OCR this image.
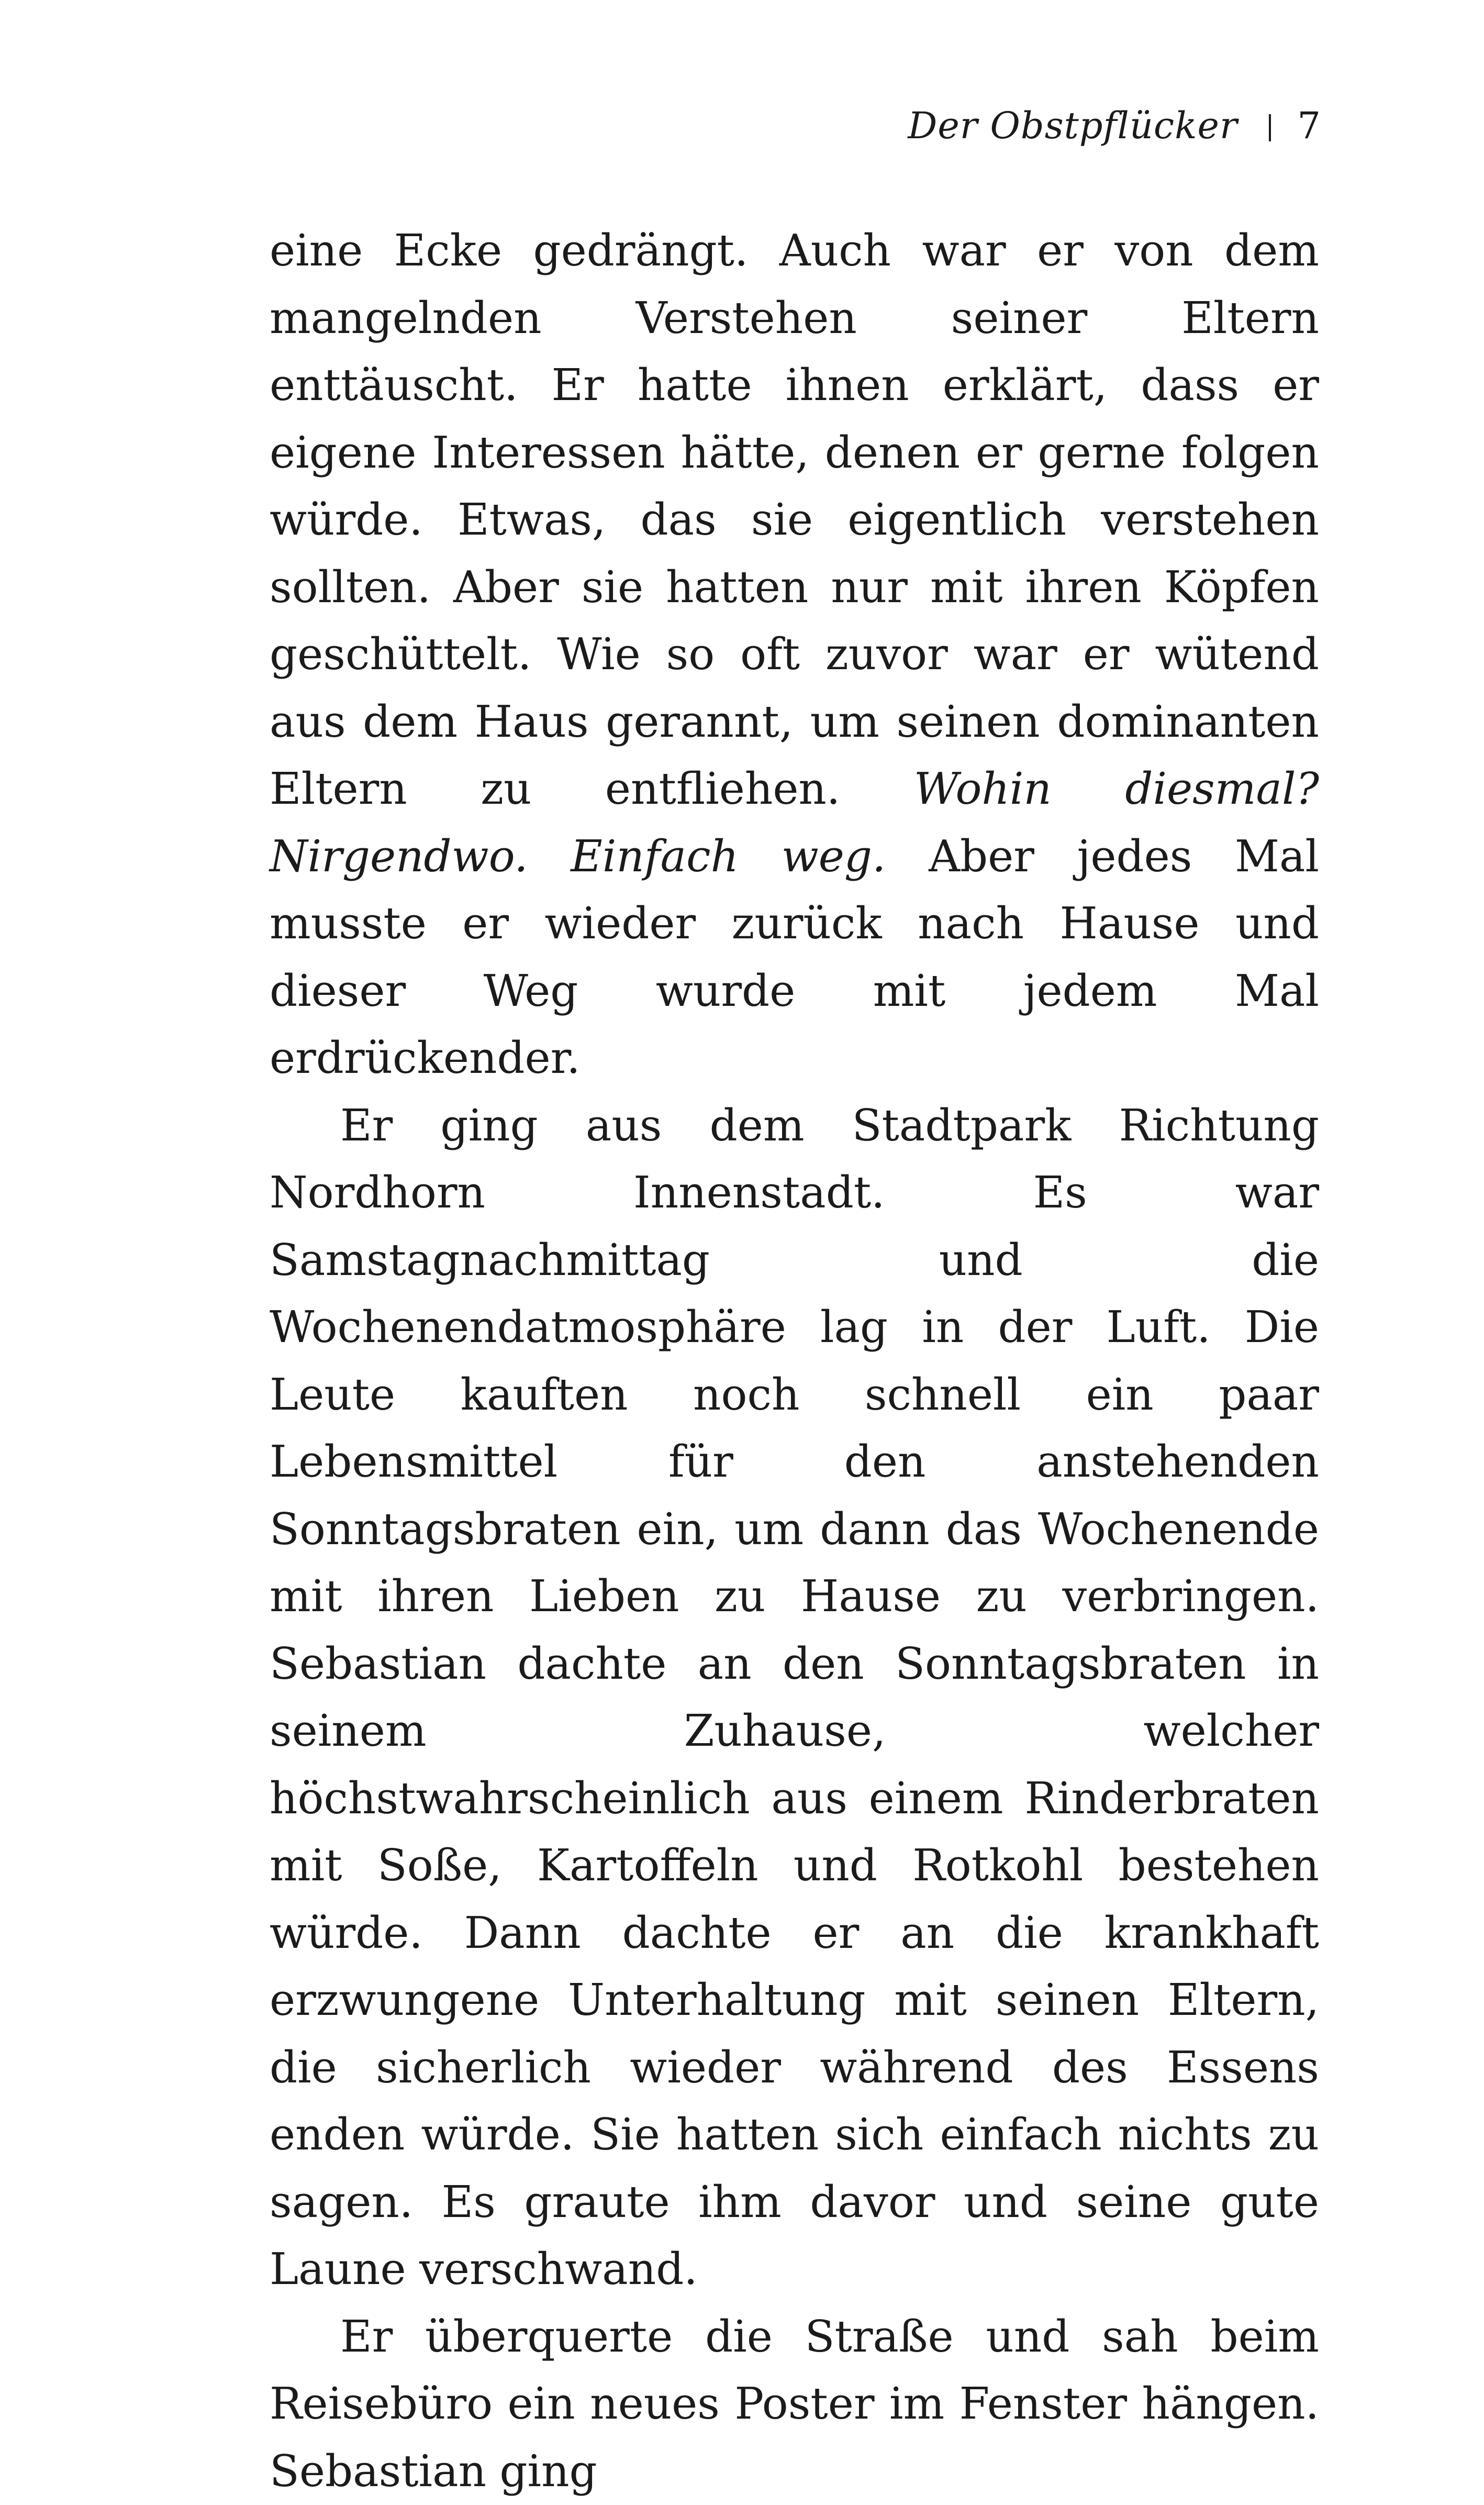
Der Obstpflücker 7

eine Ecke gedrängt. Auch war er von dem mangelnden Verstehen seiner Eltern enttäuscht. Er hatte ihnen erklärt, dass er eigene Interessen hätte, denen er gerne folgen würde. Etwas, das sie eigentlich verstehen sollten. Aber sie hatten nur mit ihren Köpfen geschüttelt. Wie so oft zuvor war er wütend aus dem Haus gerannt, um seinen dominanten Eltern zu entfliehen. Wohin diesmal? Nirgendwo. Einfach weg. Aber jedes Mal musste er wieder zurück nach Hause und dieser Weg wurde mit jedem Mal erdrückender.

Er ging aus dem Stadtpark Richtung Nordhorn Innenstadt. Es war Samstagnachmittag und die Wochenendatmosphäre lag in der Luft. Die Leute kauften noch schnell ein paar Lebensmittel für den anstehenden Sonntagsbraten ein, um dann das Wochenende mit ihren Lieben zu Hause zu verbringen. Sebastian dachte an den Sonntagsbraten in seinem Zuhause, welcher höchstwahrscheinlich aus einem Rinderbraten mit Soße, Kartoffeln und Rotkohl bestehen würde. Dann dachte er an die krankhaft erzwungene Unterhaltung mit seinen Eltern, die sicherlich wieder während des Essens enden würde. Sie hatten sich einfach nichts zu sagen. Es graute ihm davor und seine gute Laune verschwand.

Er überquerte die Straße und sah beim Reisebüro ein neues Poster im Fenster hängen. Sebastian ging
